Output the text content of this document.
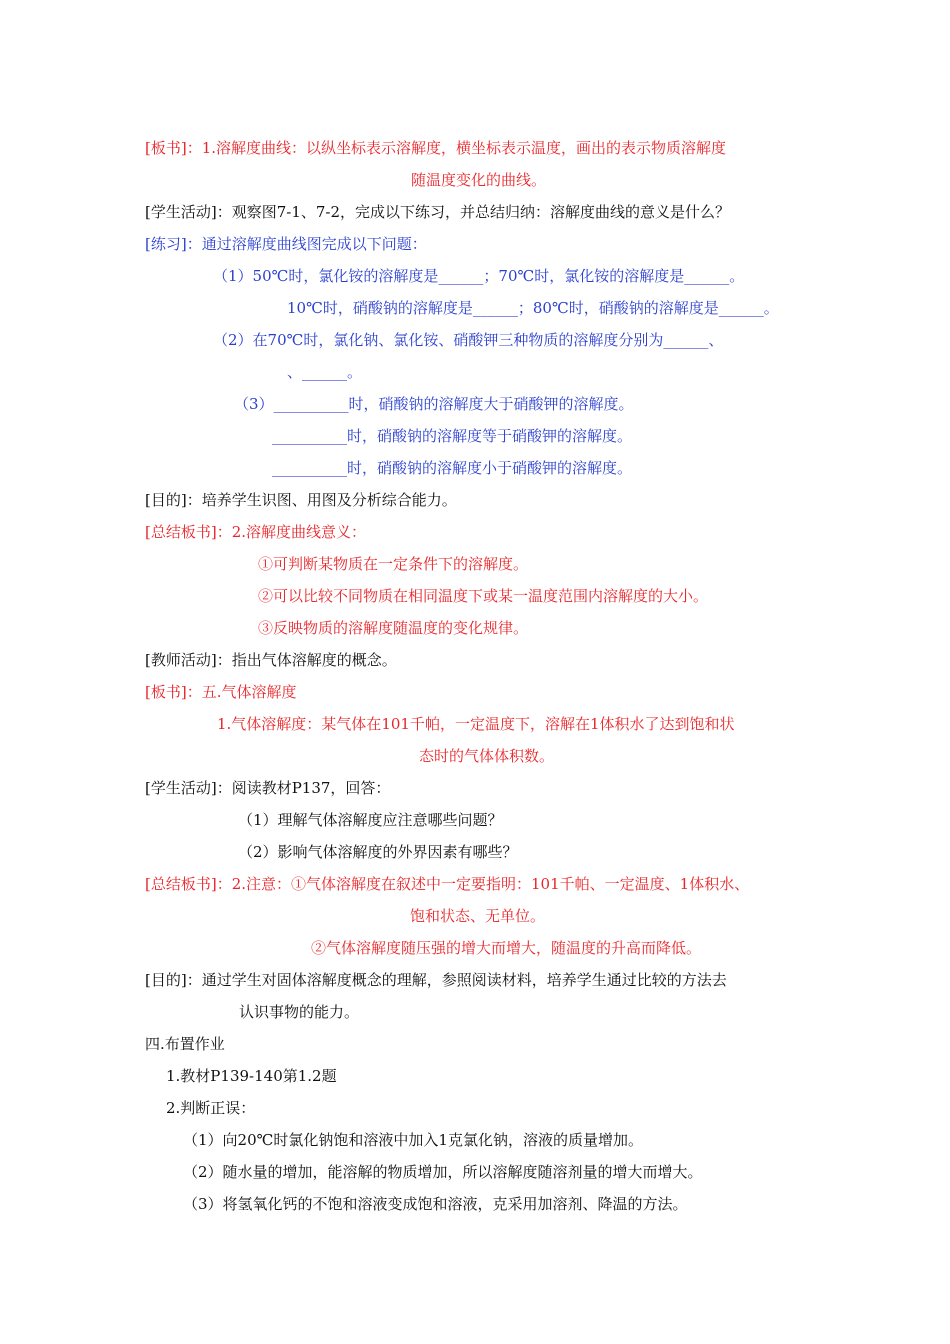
[板书]：1.溶解度曲线：以纵坐标表示溶解度，横坐标表示温度，画出的表示物质溶解度
随温度变化的曲线。
[学生活动]：观察图7-1、7-2，完成以下练习，并总结归纳：溶解度曲线的意义是什么？
[练习]：通过溶解度曲线图完成以下问题：
（1）50℃时，氯化铵的溶解度是______；70℃时，氯化铵的溶解度是______。
10℃时，硝酸钠的溶解度是______；80℃时，硝酸钠的溶解度是______。
（2）在70℃时，氯化钠、氯化铵、硝酸钾三种物质的溶解度分别为______、
、______。
（3）__________时，硝酸钠的溶解度大于硝酸钾的溶解度。
__________时，硝酸钠的溶解度等于硝酸钾的溶解度。
__________时，硝酸钠的溶解度小于硝酸钾的溶解度。
[目的]：培养学生识图、用图及分析综合能力。
[总结板书]：2.溶解度曲线意义：
①可判断某物质在一定条件下的溶解度。
②可以比较不同物质在相同温度下或某一温度范围内溶解度的大小。
③反映物质的溶解度随温度的变化规律。
[教师活动]：指出气体溶解度的概念。
[板书]：五.气体溶解度
1.气体溶解度：某气体在101千帕，一定温度下，溶解在1体积水了达到饱和状
态时的气体体积数。
[学生活动]：阅读教材P137，回答：
（1）理解气体溶解度应注意哪些问题？
（2）影响气体溶解度的外界因素有哪些？
[总结板书]：2.注意：①气体溶解度在叙述中一定要指明：101千帕、一定温度、1体积水、
饱和状态、无单位。
②气体溶解度随压强的增大而增大，随温度的升高而降低。
[目的]：通过学生对固体溶解度概念的理解，参照阅读材料，培养学生通过比较的方法去
认识事物的能力。
四.布置作业
1.教材P139-140第1.2题
2.判断正误：
（1）向20℃时氯化钠饱和溶液中加入1克氯化钠，溶液的质量增加。
（2）随水量的增加，能溶解的物质增加，所以溶解度随溶剂量的增大而增大。
（3）将氢氧化钙的不饱和溶液变成饱和溶液，克采用加溶剂、降温的方法。
